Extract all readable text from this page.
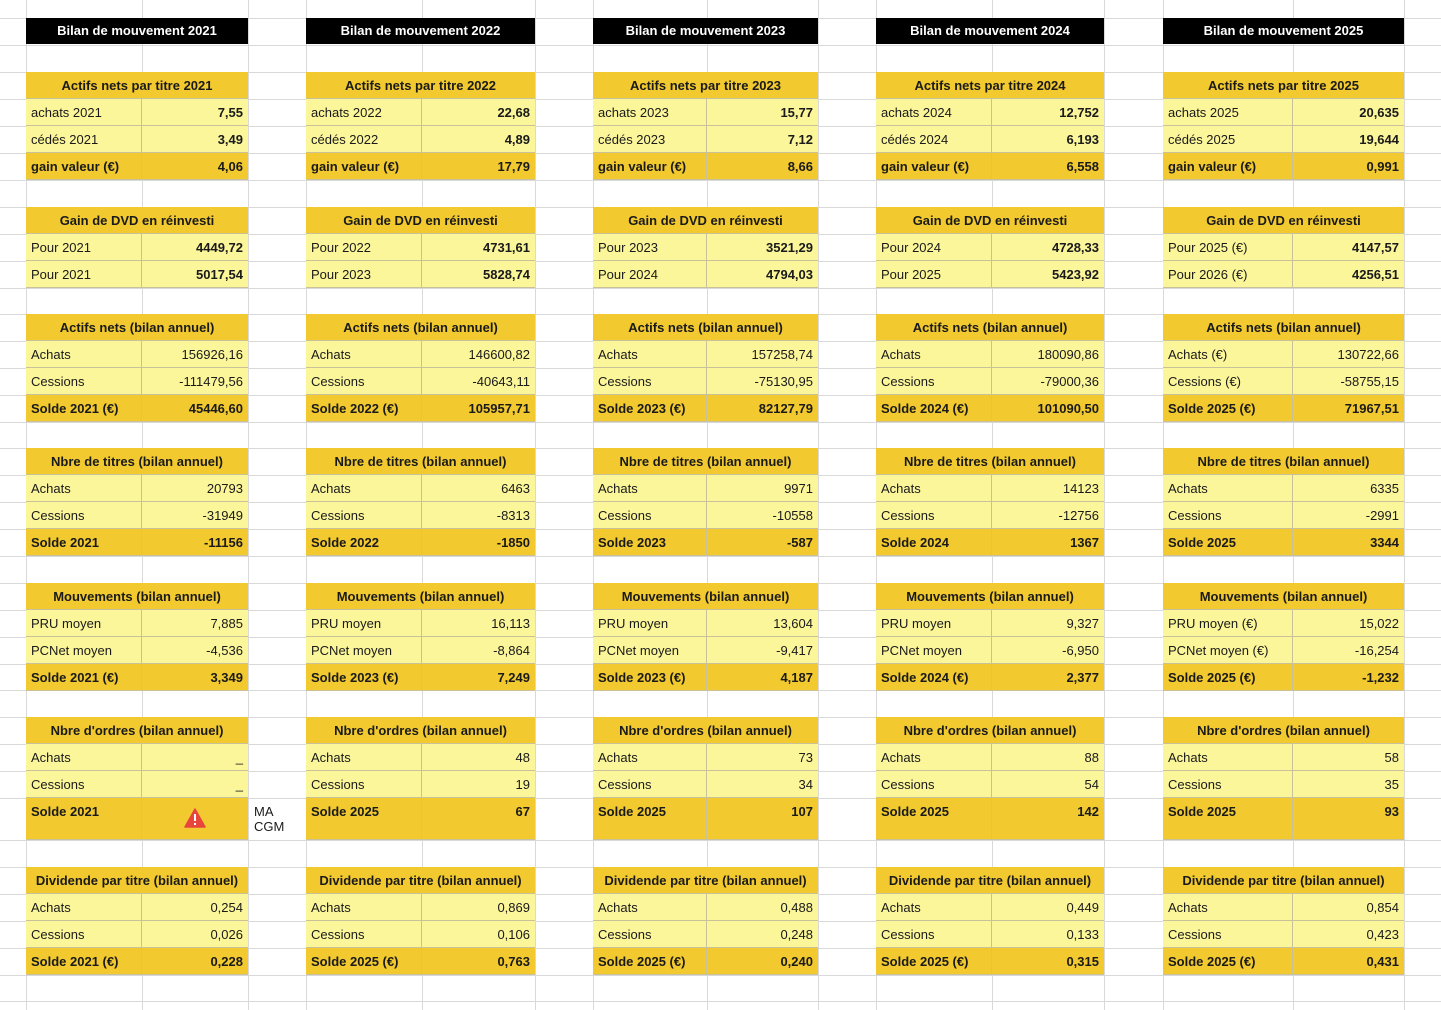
Bilan de mouvement 2021
Actifs nets par titre 2021
achats 2021	7,55
cédés 2021	3,49
gain valeur (€)	4,06
Gain de DVD en réinvesti
Pour 2021	4449,72
Pour 2021	5017,54
Actifs nets (bilan annuel)
Achats	156926,16
Cessions	-111479,56
Solde 2021 (€)	45446,60
Nbre de titres (bilan annuel)
Achats	20793
Cessions	-31949
Solde 2021	-11156
Mouvements (bilan annuel)
PRU moyen	7,885
PCNet moyen	-4,536
Solde 2021 (€)	3,349
Nbre d'ordres (bilan annuel)
Achats	_
Cessions	_
Solde 2021
Dividende par titre (bilan annuel)
Achats	0,254
Cessions	0,026
Solde 2021 (€)	0,228
Bilan de mouvement 2022
Actifs nets par titre 2022
achats 2022	22,68
cédés 2022	4,89
gain valeur (€)	17,79
Gain de DVD en réinvesti
Pour 2022	4731,61
Pour 2023	5828,74
Actifs nets (bilan annuel)
Achats	146600,82
Cessions	-40643,11
Solde 2022 (€)	105957,71
Nbre de titres (bilan annuel)
Achats	6463
Cessions	-8313
Solde 2022	-1850
Mouvements (bilan annuel)
PRU moyen	16,113
PCNet moyen	-8,864
Solde 2023 (€)	7,249
Nbre d'ordres (bilan annuel)
Achats	48
Cessions	19
Solde 2025	67
Dividende par titre (bilan annuel)
Achats	0,869
Cessions	0,106
Solde 2025 (€)	0,763
Bilan de mouvement 2023
Actifs nets par titre 2023
achats 2023	15,77
cédés 2023	7,12
gain valeur (€)	8,66
Gain de DVD en réinvesti
Pour 2023	3521,29
Pour 2024	4794,03
Actifs nets (bilan annuel)
Achats	157258,74
Cessions	-75130,95
Solde 2023 (€)	82127,79
Nbre de titres (bilan annuel)
Achats	9971
Cessions	-10558
Solde 2023	-587
Mouvements (bilan annuel)
PRU moyen	13,604
PCNet moyen	-9,417
Solde 2023 (€)	4,187
Nbre d'ordres (bilan annuel)
Achats	73
Cessions	34
Solde 2025	107
Dividende par titre (bilan annuel)
Achats	0,488
Cessions	0,248
Solde 2025 (€)	0,240
Bilan de mouvement 2024
Actifs nets par titre 2024
achats 2024	12,752
cédés 2024	6,193
gain valeur (€)	6,558
Gain de DVD en réinvesti
Pour 2024	4728,33
Pour 2025	5423,92
Actifs nets (bilan annuel)
Achats	180090,86
Cessions	-79000,36
Solde 2024 (€)	101090,50
Nbre de titres (bilan annuel)
Achats	14123
Cessions	-12756
Solde 2024	1367
Mouvements (bilan annuel)
PRU moyen	9,327
PCNet moyen	-6,950
Solde 2024 (€)	2,377
Nbre d'ordres (bilan annuel)
Achats	88
Cessions	54
Solde 2025	142
Dividende par titre (bilan annuel)
Achats	0,449
Cessions	0,133
Solde 2025 (€)	0,315
Bilan de mouvement 2025
Actifs nets par titre 2025
achats 2025	20,635
cédés 2025	19,644
gain valeur (€)	0,991
Gain de DVD en réinvesti
Pour 2025 (€)	4147,57
Pour 2026 (€)	4256,51
Actifs nets (bilan annuel)
Achats (€)	130722,66
Cessions (€)	-58755,15
Solde 2025 (€)	71967,51
Nbre de titres (bilan annuel)
Achats	6335
Cessions	-2991
Solde 2025	3344
Mouvements (bilan annuel)
PRU moyen (€)	15,022
PCNet moyen (€)	-16,254
Solde 2025 (€)	-1,232
Nbre d'ordres (bilan annuel)
Achats	58
Cessions	35
Solde 2025	93
Dividende par titre (bilan annuel)
Achats	0,854
Cessions	0,423
Solde 2025 (€)	0,431
MA
CGM
